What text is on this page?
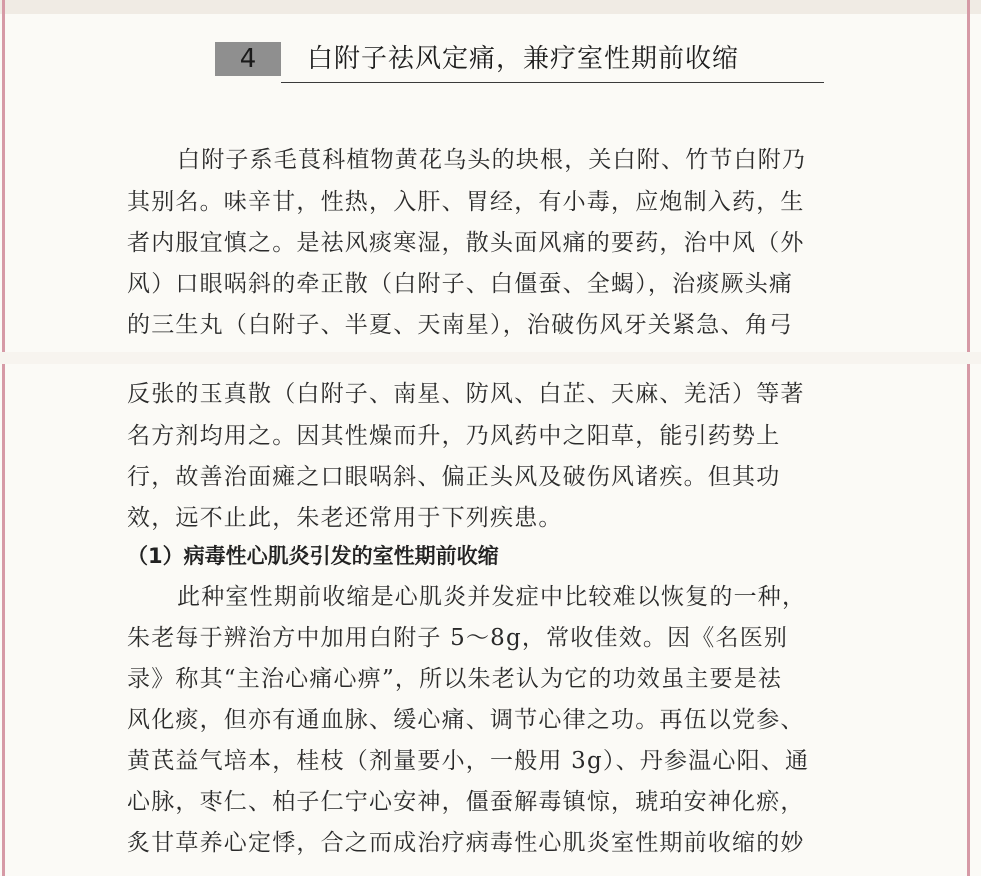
4	白附子祛风定痛，兼疗室性期前收缩
白附子系毛茛科植物黄花乌头的块根，关白附、竹节白附乃
其别名。味辛甘，性热，入肝、胃经，有小毒，应炮制入药，生
者内服宜慎之。是祛风痰寒湿，散头面风痛的要药，治中风（外
风）口眼㖞斜的牵正散（白附子、白僵蚕、全蝎），治痰厥头痛
的三生丸（白附子、半夏、天南星），治破伤风牙关紧急、角弓
反张的玉真散（白附子、南星、防风、白芷、天麻、羌活）等著
名方剂均用之。因其性燥而升，乃风药中之阳草，能引药势上
行，故善治面瘫之口眼㖞斜、偏正头风及破伤风诸疾。但其功
效，远不止此，朱老还常用于下列疾患。
（1）病毒性心肌炎引发的室性期前收缩
此种室性期前收缩是心肌炎并发症中比较难以恢复的一种，
朱老每于辨治方中加用白附子 5～8g，常收佳效。因《名医别
录》称其“主治心痛心痹”，所以朱老认为它的功效虽主要是祛
风化痰，但亦有通血脉、缓心痛、调节心律之功。再伍以党参、
黄芪益气培本，桂枝（剂量要小，一般用 3g）、丹参温心阳、通
心脉，枣仁、柏子仁宁心安神，僵蚕解毒镇惊，琥珀安神化瘀，
炙甘草养心定悸，合之而成治疗病毒性心肌炎室性期前收缩的妙
